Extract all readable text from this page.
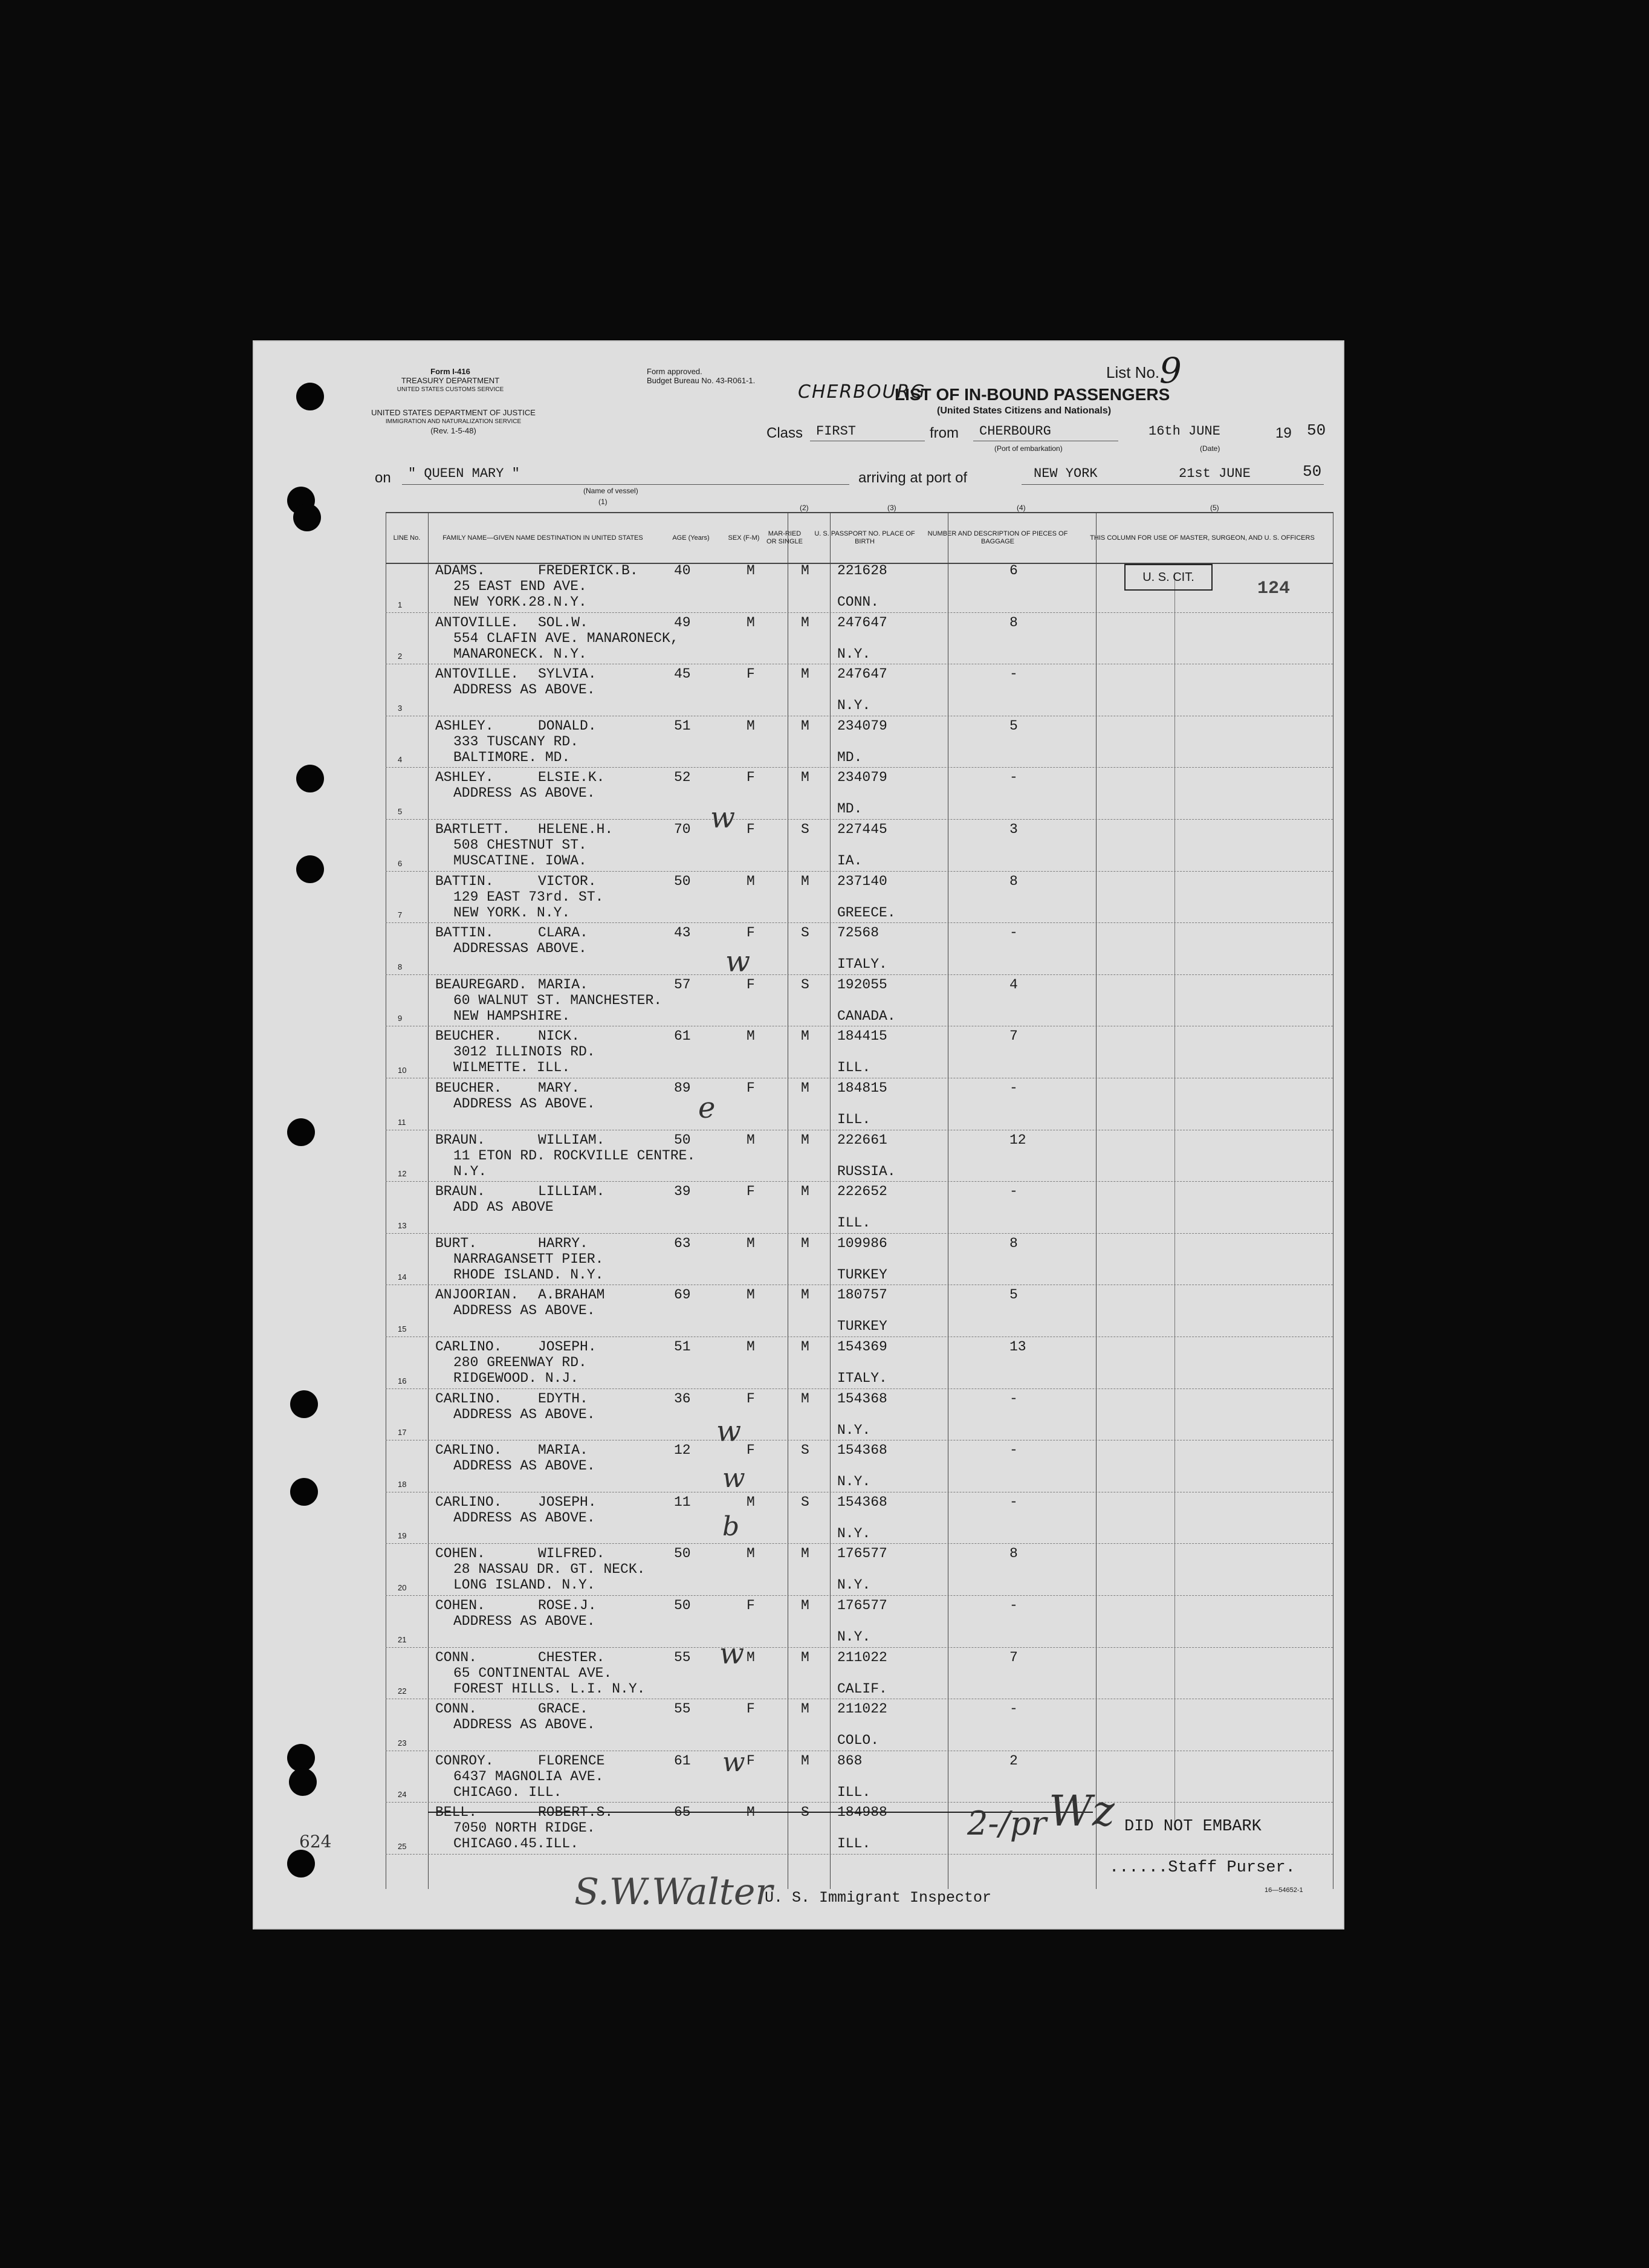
Form I-416
TREASURY DEPARTMENT
UNITED STATES CUSTOMS SERVICE
UNITED STATES DEPARTMENT OF JUSTICE
IMMIGRATION AND NATURALIZATION SERVICE
(Rev. 1-5-48)
Form approved.
Budget Bureau No. 43-R061-1.	List No. 9
CHERBOURG
LIST OF IN-BOUND PASSENGERS
(United States Citizens and Nationals)
Class FIRST	from CHERBOURG
(Port of embarkation)
16th JUNE	19 50
(Date)
on " QUEEN MARY "
(Name of vessel)
(1)
arriving at port of	NEW YORK	21st JUNE	50
LINE No.	FAMILY NAME—GIVEN NAME DESTINATION IN UNITED STATES	AGE (Years)	SEX (F-M)	MAR-RIED OR SINGLE	U. S. PASSPORT NO. PLACE OF BIRTH	NUMBER AND DESCRIPTION OF PIECES OF BAGGAGE	THIS COLUMN FOR USE OF MASTER, SURGEON, AND U. S. OFFICERS
(2)	(3)	(4)	(5)
1
ADAMS.	FREDERICK.B.	40	M	M 221628	6
25 EAST END AVE.
NEW YORK.28.N.Y.	CONN.
2
ANTOVILLE. SOL.W.	49	M	M 247647	8
554 CLAFIN AVE. MANARONECK,
MANARONECK. N.Y.	N.Y.
3
ANTOVILLE. SYLVIA.	45	F	M 247647	-
ADDRESS AS ABOVE.
N.Y.
4
ASHLEY.	DONALD.	51	M	M 234079	5
333 TUSCANY RD.
BALTIMORE. MD.	MD.
5
ASHLEY.	ELSIE.K.	52	F	M 234079	-
ADDRESS AS ABOVE.
MD.
6
BARTLETT. HELENE.H.	70	F	S 227445	3
508 CHESTNUT ST.
MUSCATINE. IOWA.	IA.
7
BATTIN.	VICTOR.	50	M	M 237140	8
129 EAST 73rd. ST.
NEW YORK. N.Y.	GREECE.
8
BATTIN.	CLARA.	43	F	S 72568	-
ADDRESSAS ABOVE.
ITALY.
9
BEAUREGARD. MARIA.	57	F	S 192055	4
60 WALNUT ST. MANCHESTER.
NEW HAMPSHIRE.	CANADA.
10
BEUCHER.	NICK.	61	M	M 184415	7
3012 ILLINOIS RD.
WILMETTE. ILL.	ILL.
11
BEUCHER.	MARY.	89	F	M 184815	-
ADDRESS AS ABOVE.
ILL.
12
BRAUN.	WILLIAM.	50	M	M 222661	12
11 ETON RD. ROCKVILLE CENTRE.
N.Y.	RUSSIA.
13
BRAUN.	LILLIAM.	39	F	M 222652	-
ADD AS ABOVE
ILL.
14
BURT.	HARRY.	63	M	M 109986	8
NARRAGANSETT PIER.
RHODE ISLAND. N.Y.	TURKEY
15
ANJOORIAN. A.BRAHAM	69	M	M 180757	5
ADDRESS AS ABOVE.
TURKEY
16
CARLINO.	JOSEPH.	51	M	M 154369	13
280 GREENWAY RD.
RIDGEWOOD. N.J.	ITALY.
17
CARLINO.	EDYTH.	36	F	M 154368	-
ADDRESS AS ABOVE.
N.Y.
18
CARLINO.	MARIA.	12	F	S 154368	-
ADDRESS AS ABOVE.
N.Y.
19
CARLINO.	JOSEPH.	11	M	S 154368	-
ADDRESS AS ABOVE.
N.Y.
20
COHEN.	WILFRED.	50	M	M 176577	8
28 NASSAU DR. GT. NECK.
LONG ISLAND. N.Y.	N.Y.
21
COHEN.	ROSE.J.	50	F	M 176577	-
ADDRESS AS ABOVE.
N.Y.
22
CONN.	CHESTER.	55	M	M 211022	7
65 CONTINENTAL AVE.
FOREST HILLS. L.I. N.Y.	CALIF.
23
CONN.	GRACE.	55	F	M 211022	-
ADDRESS AS ABOVE.
COLO.
24
CONROY.	FLORENCE	61	F	M 868	2
6437 MAGNOLIA AVE.
CHICAGO. ILL.	ILL.
25
BELL.	ROBERT.S.	65	M	S 184988
7050 NORTH RIDGE.
CHICAGO.45.ILL.	ILL.
U. S. CIT.
124
w
w
e
w
w
b
w
w
2-/pr Wz DID NOT EMBARK
......Staff Purser.
S.W.Walter
U. S. Immigrant Inspector
624
16—54652-1
